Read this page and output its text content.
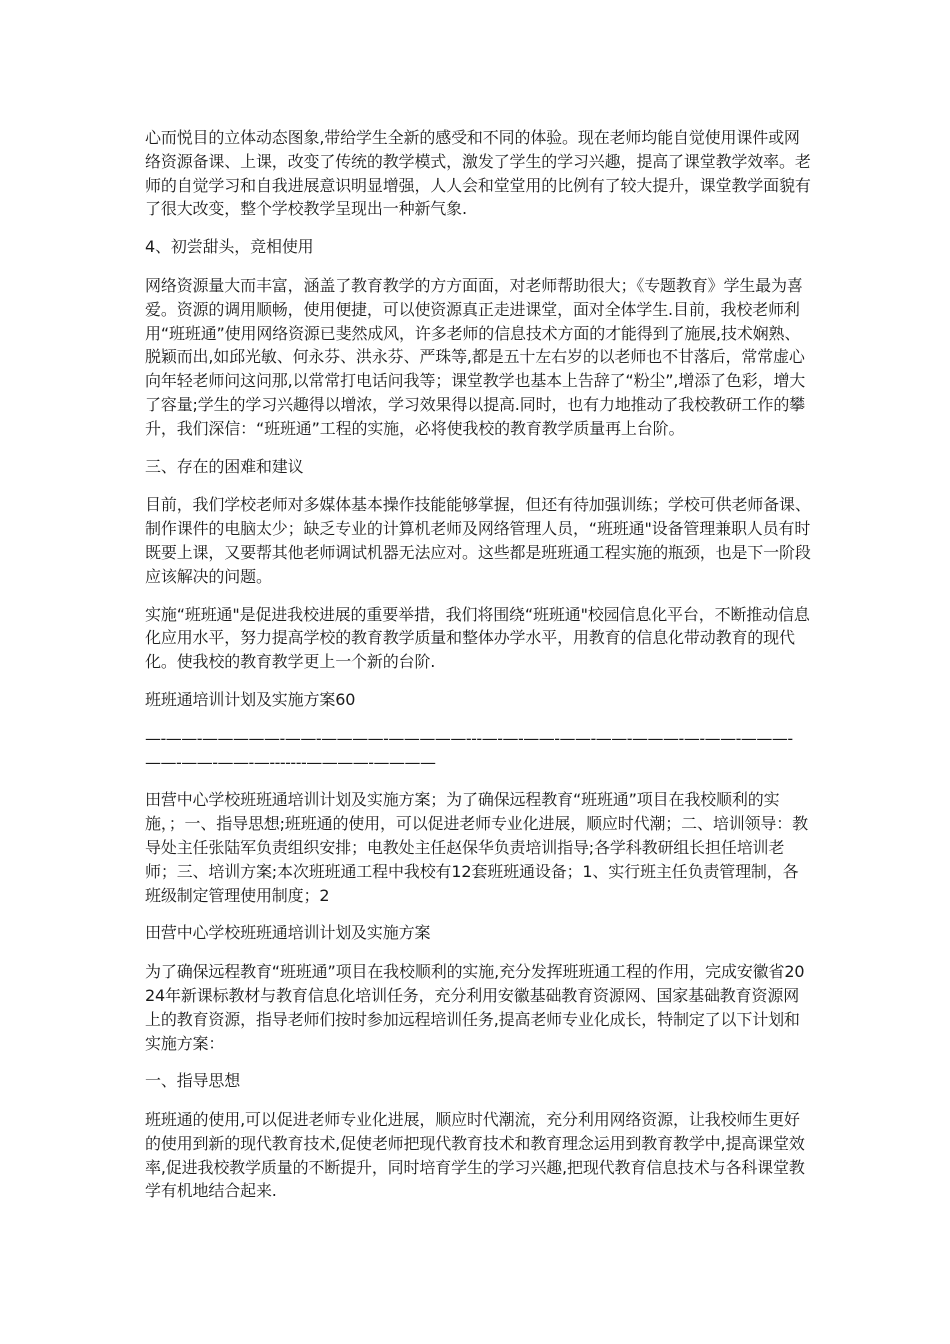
心而悦目的立体动态图象,带给学生全新的感受和不同的体验。现在老师均能自觉使用课件或网络资源备课、上课，改变了传统的教学模式，激发了学生的学习兴趣，提高了课堂教学效率。老师的自觉学习和自我进展意识明显增强，人人会和堂堂用的比例有了较大提升，课堂教学面貌有了很大改变，整个学校教学呈现出一种新气象.

4、初尝甜头，竞相使用

网络资源量大而丰富，涵盖了教育教学的方方面面，对老师帮助很大；《专题教育》学生最为喜爱。资源的调用顺畅，使用便捷，可以使资源真正走进课堂，面对全体学生.目前，我校老师利用“班班通”使用网络资源已斐然成风，许多老师的信息技术方面的才能得到了施展,技术娴熟、脱颖而出,如邱光敏、何永芬、洪永芬、严珠等,都是五十左右岁的以老师也不甘落后，常常虚心向年轻老师问这问那,以常常打电话问我等；课堂教学也基本上告辞了“粉尘”,增添了色彩，增大了容量;学生的学习兴趣得以增浓，学习效果得以提高.同时，也有力地推动了我校教研工作的攀升，我们深信：“班班通”工程的实施，必将使我校的教育教学质量再上台阶。

三、存在的困难和建议

目前，我们学校老师对多媒体基本操作技能能够掌握，但还有待加强训练；学校可供老师备课、制作课件的电脑太少；缺乏专业的计算机老师及网络管理人员，“班班通"设备管理兼职人员有时既要上课，又要帮其他老师调试机器无法应对。这些都是班班通工程实施的瓶颈，也是下一阶段应该解决的问题。

实施“班班通"是促进我校进展的重要举措，我们将围绕“班班通"校园信息化平台，不断推动信息化应用水平，努力提高学校的教育教学质量和整体办学水平，用教育的信息化带动教育的现代化。使我校的教育教学更上一个新的台阶.

班班通培训计划及实施方案60

—-——-—————-——-————-—————---—-—-——-——-——-———-—-——-———-——-——-——-—-------————-————

田营中心学校班班通培训计划及实施方案；为了确保远程教育“班班通”项目在我校顺利的实施，；一、指导思想;班班通的使用，可以促进老师专业化进展，顺应时代潮；二、培训领导：教导处主任张陆军负责组织安排；电教处主任赵保华负责培训指导;各学科教研组长担任培训老师；三、培训方案;本次班班通工程中我校有12套班班通设备；1、实行班主任负责管理制，各班级制定管理使用制度；2

田营中心学校班班通培训计划及实施方案

为了确保远程教育“班班通”项目在我校顺利的实施,充分发挥班班通工程的作用，完成安徽省2024年新课标教材与教育信息化培训任务，充分利用安徽基础教育资源网、国家基础教育资源网上的教育资源，指导老师们按时参加远程培训任务,提高老师专业化成长，特制定了以下计划和实施方案：

一、指导思想

班班通的使用,可以促进老师专业化进展，顺应时代潮流，充分利用网络资源，让我校师生更好的使用到新的现代教育技术,促使老师把现代教育技术和教育理念运用到教育教学中,提高课堂效率,促进我校教学质量的不断提升，同时培育学生的学习兴趣,把现代教育信息技术与各科课堂教学有机地结合起来.
